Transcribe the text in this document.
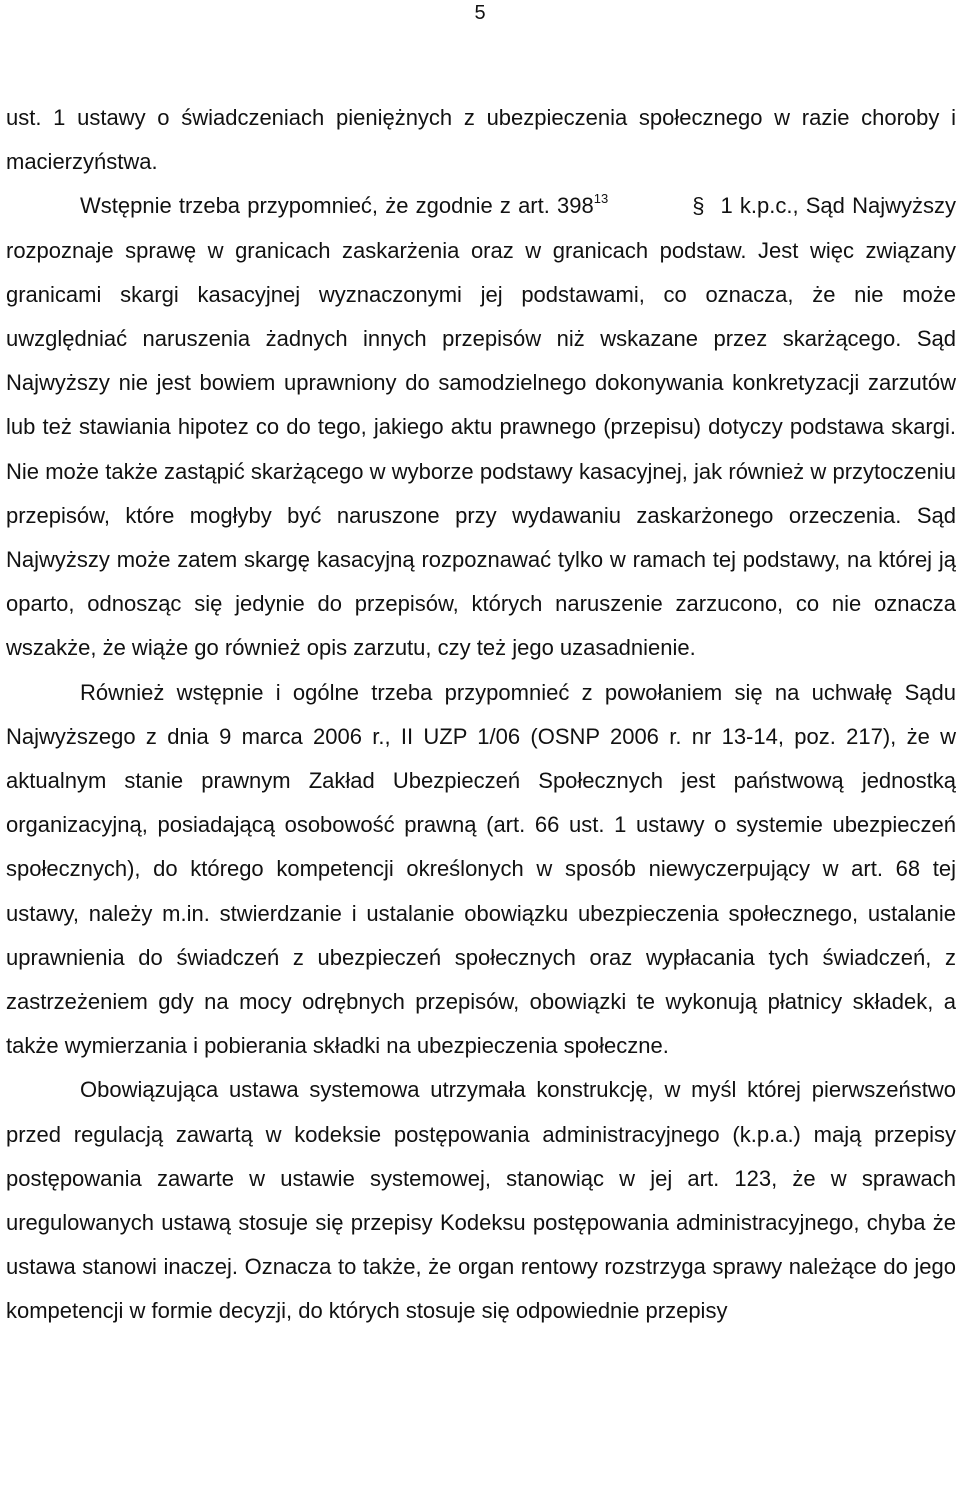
5

ust. 1 ustawy o świadczeniach pieniężnych z ubezpieczenia społecznego w razie choroby i macierzyństwa.

Wstępnie trzeba przypomnieć, że zgodnie z art. $398^{13}$	§ 1 k.p.c., Sąd Najwyższy rozpoznaje sprawę w granicach zaskarżenia oraz w granicach podstaw. Jest więc związany granicami skargi kasacyjnej wyznaczonymi jej podstawami, co oznacza, że nie może uwzględniać naruszenia żadnych innych przepisów niż wskazane przez skarżącego. Sąd Najwyższy nie jest bowiem uprawniony do samodzielnego dokonywania konkretyzacji zarzutów lub też stawiania hipotez co do tego, jakiego aktu prawnego (przepisu) dotyczy podstawa skargi. Nie może także zastąpić skarżącego w wyborze podstawy kasacyjnej, jak również w przytoczeniu przepisów, które mogłyby być naruszone przy wydawaniu zaskarżonego orzeczenia. Sąd Najwyższy może zatem skargę kasacyjną rozpoznawać tylko w ramach tej podstawy, na której ją oparto, odnosząc się jedynie do przepisów, których naruszenie zarzucono, co nie oznacza wszakże, że wiąże go również opis zarzutu, czy też jego uzasadnienie.

Również wstępnie i ogólne trzeba przypomnieć z powołaniem się na uchwałę Sądu Najwyższego z dnia 9 marca 2006 r., II UZP 1/06 (OSNP 2006 r. nr 13-14, poz. 217), że w aktualnym stanie prawnym Zakład Ubezpieczeń Społecznych jest państwową jednostką organizacyjną, posiadającą osobowość prawną (art. 66 ust. 1 ustawy o systemie ubezpieczeń społecznych), do którego kompetencji określonych w sposób niewyczerpujący w art. 68 tej ustawy, należy m.in. stwierdzanie i ustalanie obowiązku ubezpieczenia społecznego, ustalanie uprawnienia do świadczeń z ubezpieczeń społecznych oraz wypłacania tych świadczeń, z zastrzeżeniem gdy na mocy odrębnych przepisów, obowiązki te wykonują płatnicy składek, a także wymierzania i pobierania składki na ubezpieczenia społeczne.

Obowiązująca ustawa systemowa utrzymała konstrukcję, w myśl której pierwszeństwo przed regulacją zawartą w kodeksie postępowania administracyjnego (k.p.a.) mają przepisy postępowania zawarte w ustawie systemowej, stanowiąc w jej art. 123, że w sprawach uregulowanych ustawą stosuje się przepisy Kodeksu postępowania administracyjnego, chyba że ustawa stanowi inaczej. Oznacza to także, że organ rentowy rozstrzyga sprawy należące do jego kompetencji w formie decyzji, do których stosuje się odpowiednie przepisy
